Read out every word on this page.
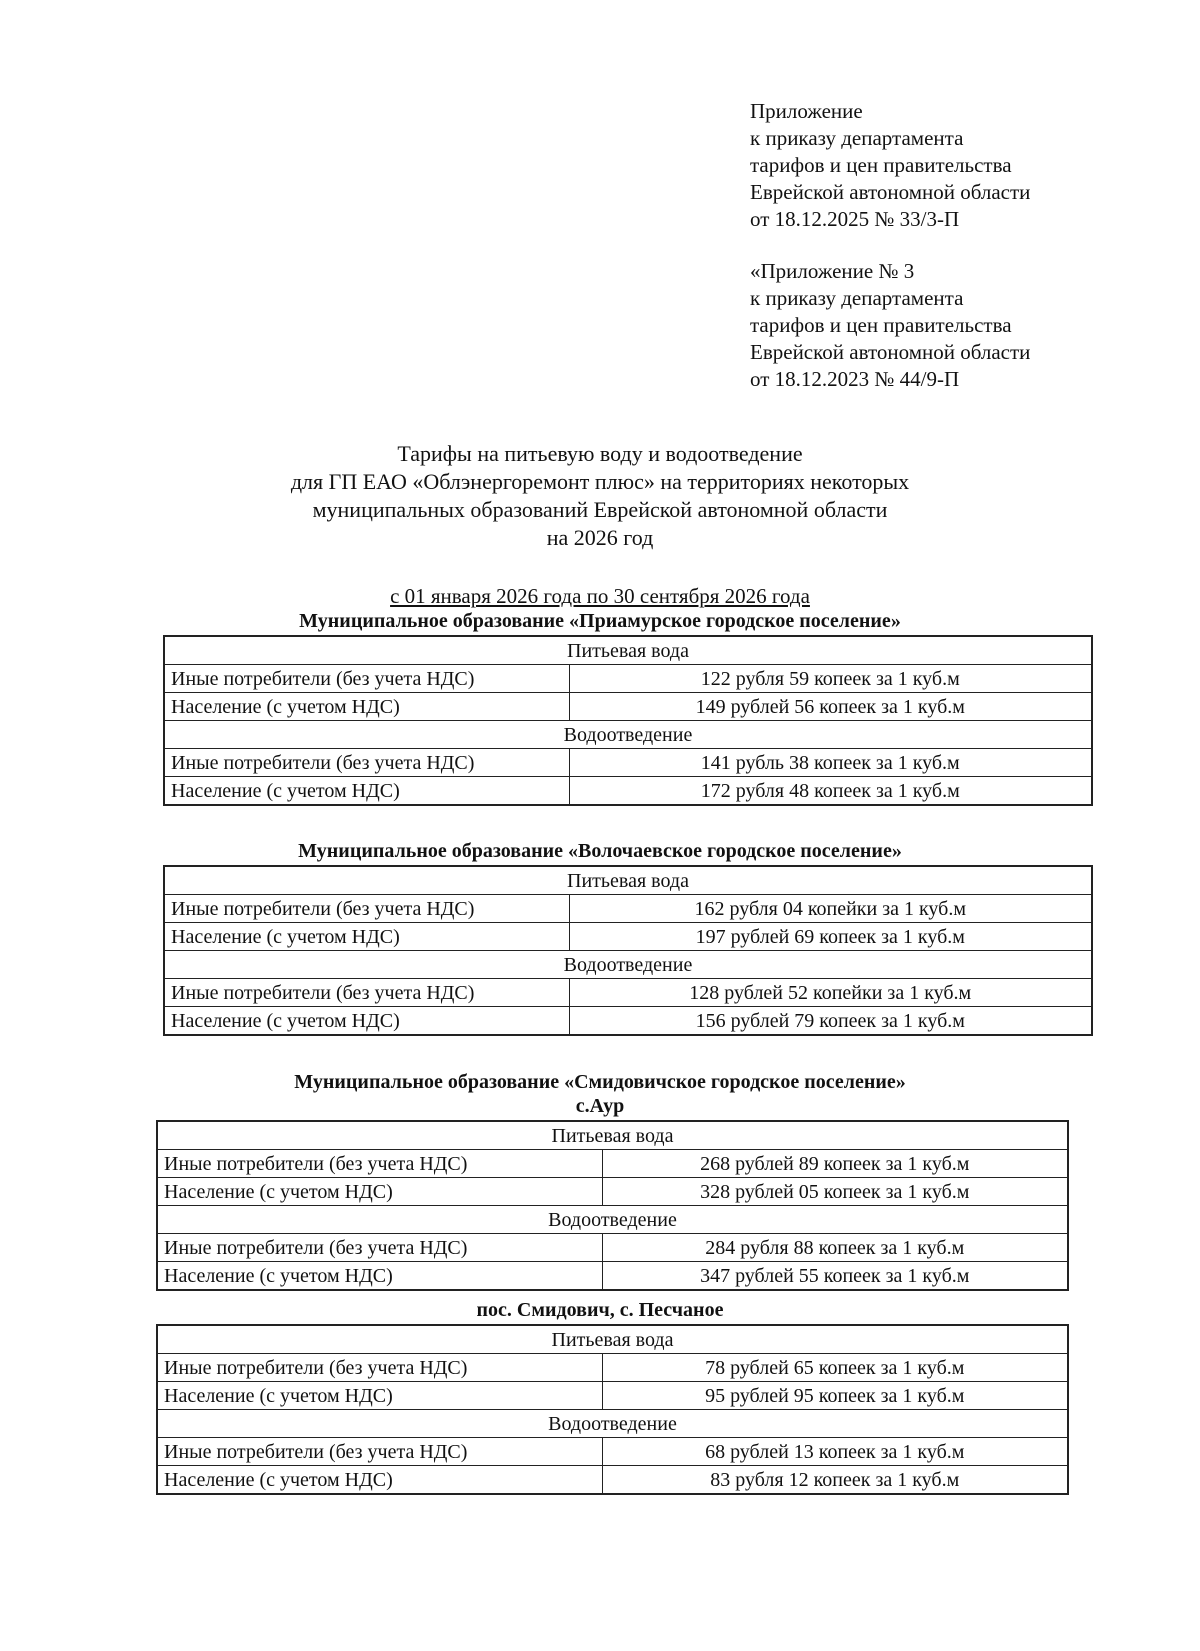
Приложение
к приказу департамента
тарифов и цен правительства
Еврейской автономной области
от 18.12.2025 № 33/3-П
«Приложение № 3
к приказу департамента
тарифов и цен правительства
Еврейской автономной области
от 18.12.2023 № 44/9-П
Тарифы на питьевую воду и водоотведение
для ГП ЕАО «Облэнергоремонт плюс» на территориях некоторых
муниципальных образований Еврейской автономной области
на 2026 год
с 01 января 2026 года по 30 сентября 2026 года
Муниципальное образование «Приамурское городское поселение»
Питьевая вода	
Иные потребители (без учета НДС)	122 рубля 59 копеек за 1 куб.м
Население (с учетом НДС)	149 рублей 56 копеек за 1 куб.м
Водоотведение	
Иные потребители (без учета НДС)	141 рубль 38 копеек за 1 куб.м
Население (с учетом НДС)	172 рубля 48 копеек за 1 куб.м
Муниципальное образование «Волочаевское городское поселение»
Питьевая вода	
Иные потребители (без учета НДС)	162 рубля 04 копейки за 1 куб.м
Население (с учетом НДС)	197 рублей 69 копеек за 1 куб.м
Водоотведение	
Иные потребители (без учета НДС)	128 рублей 52 копейки за 1 куб.м
Население (с учетом НДС)	156 рублей 79 копеек за 1 куб.м
Муниципальное образование «Смидовичское городское поселение»
с.Аур
Питьевая вода	
Иные потребители (без учета НДС)	268 рублей 89 копеек за 1 куб.м
Население (с учетом НДС)	328 рублей 05 копеек за 1 куб.м
Водоотведение	
Иные потребители (без учета НДС)	284 рубля 88 копеек за 1 куб.м
Население (с учетом НДС)	347 рублей 55 копеек за 1 куб.м
пос. Смидович, с. Песчаное
Питьевая вода	
Иные потребители (без учета НДС)	78 рублей 65 копеек за 1 куб.м
Население (с учетом НДС)	95 рублей 95 копеек за 1 куб.м
Водоотведение	
Иные потребители (без учета НДС)	68 рублей 13 копеек за 1 куб.м
Население (с учетом НДС)	83 рубля 12 копеек за 1 куб.м
